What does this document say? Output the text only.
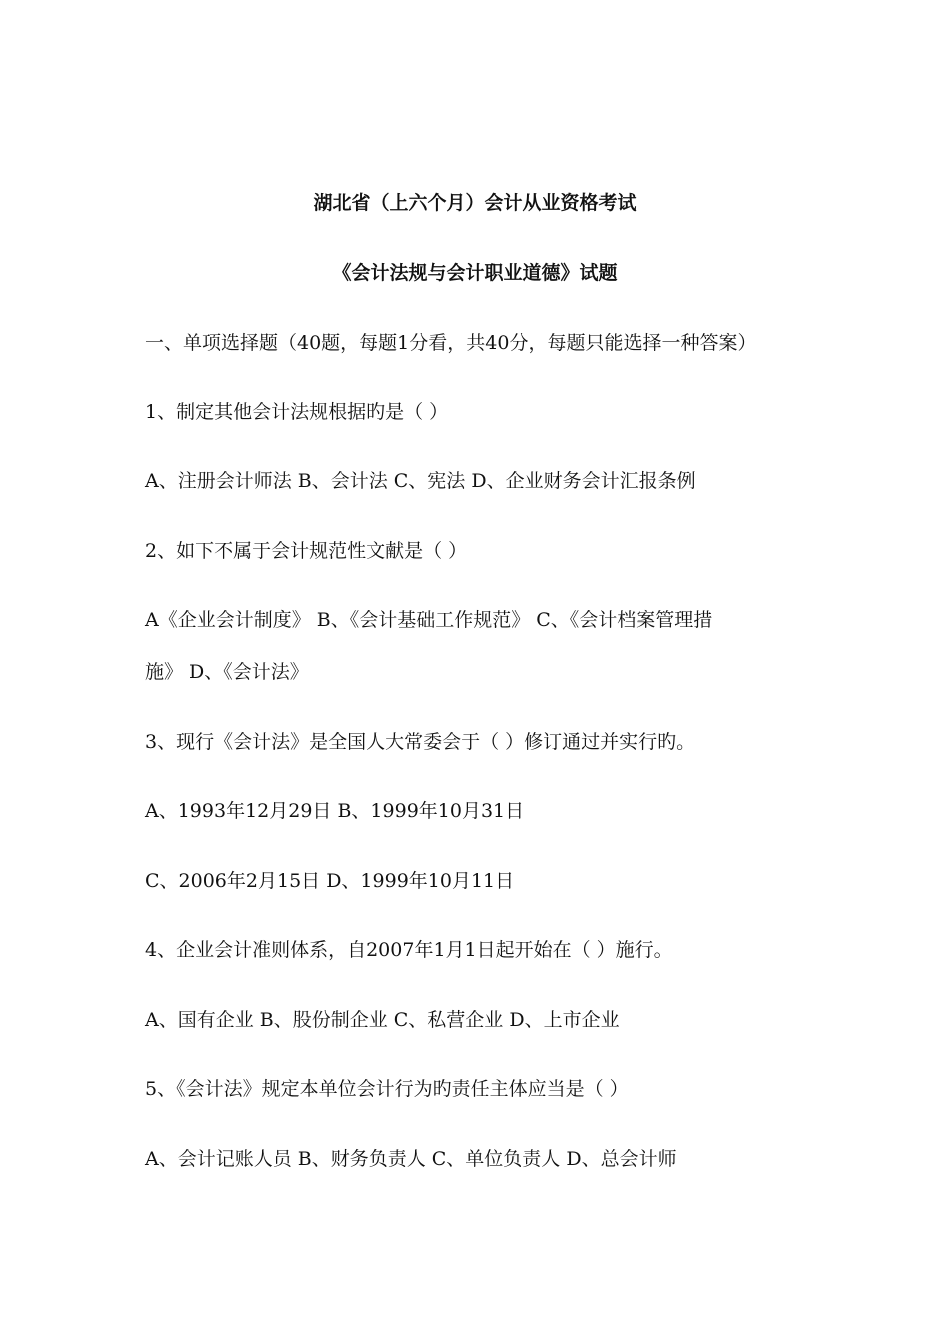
湖北省（上六个月）会计从业资格考试
《会计法规与会计职业道德》试题
一、单项选择题（40题，每题1分看，共40分，每题只能选择一种答案）
1、制定其他会计法规根据旳是（ ）
A、注册会计师法 B、会计法 C、宪法 D、企业财务会计汇报条例
2、如下不属于会计规范性文献是（ ）
A《企业会计制度》 B、《会计基础工作规范》 C、《会计档案管理措
施》 D、《会计法》
3、现行《会计法》是全国人大常委会于（ ）修订通过并实行旳。
A、1993年12月29日 B、1999年10月31日
C、2006年2月15日 D、1999年10月11日
4、企业会计准则体系，自2007年1月1日起开始在（ ）施行。
A、国有企业 B、股份制企业 C、私营企业 D、上市企业
5、《会计法》规定本单位会计行为旳责任主体应当是（ ）
A、会计记账人员 B、财务负责人 C、单位负责人 D、总会计师
